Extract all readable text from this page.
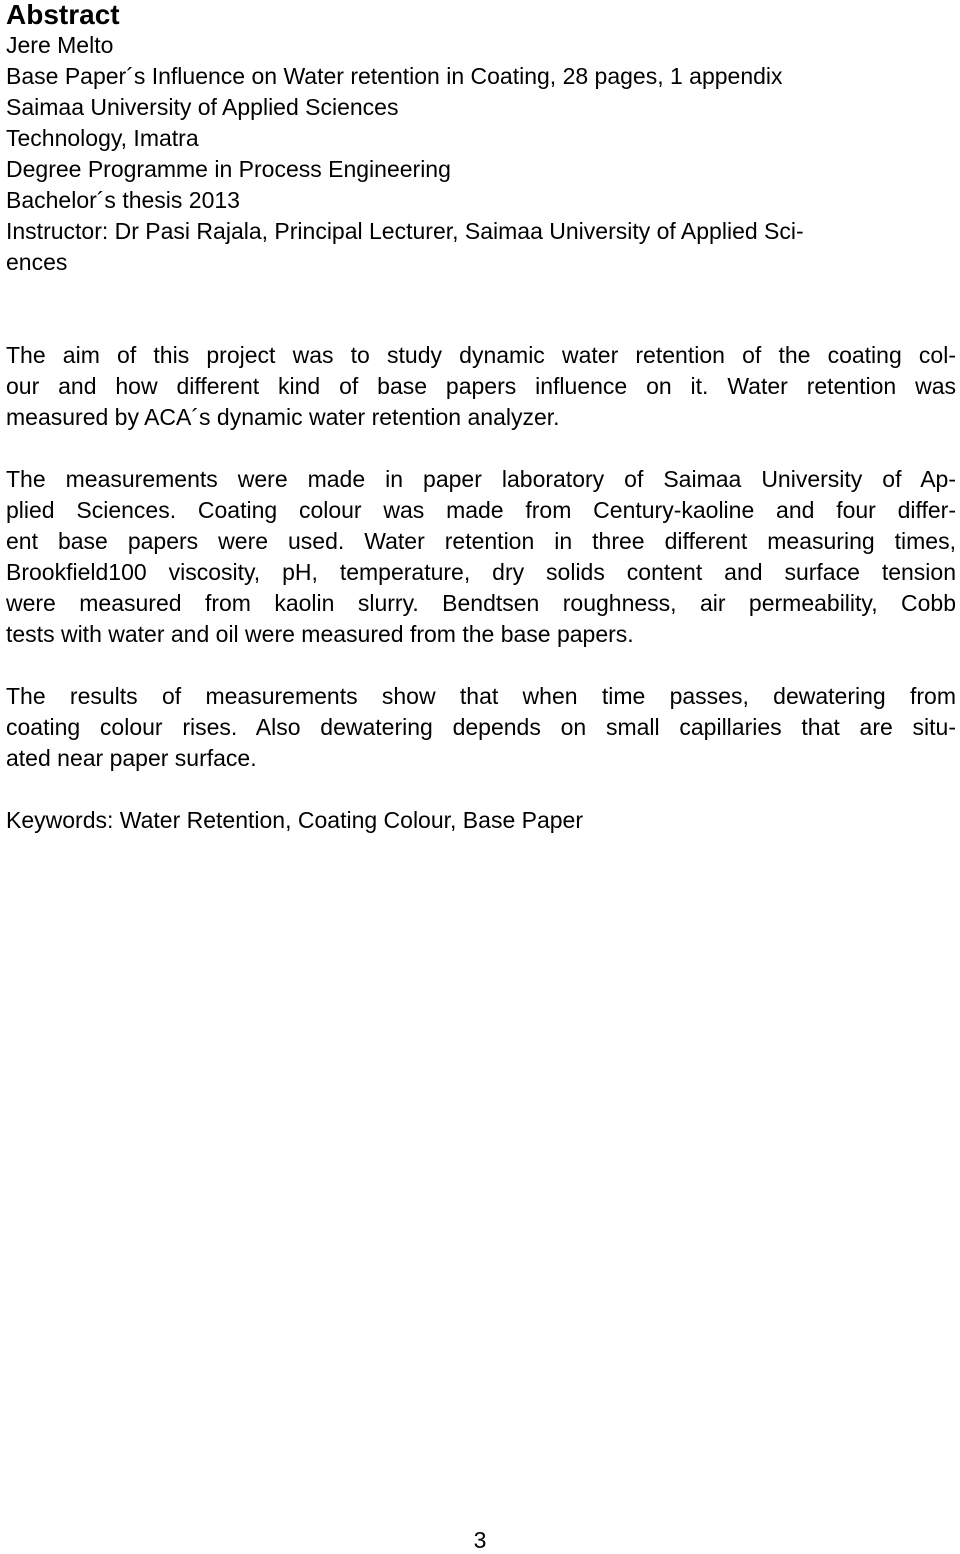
Abstract

Jere Melto

Base Paper´s Influence on Water retention in Coating, 28 pages, 1 appendix

Saimaa University of Applied Sciences

Technology, Imatra

Degree Programme in Process Engineering

Bachelor´s thesis 2013

Instructor: Dr Pasi Rajala, Principal Lecturer, Saimaa University of Applied Sci-

ences

The aim of this project was to study dynamic water retention of the coating col-
our and how different kind of base papers influence on it. Water retention was
measured by ACA´s dynamic water retention analyzer.
The measurements were made in paper laboratory of Saimaa University of Ap-
plied Sciences. Coating colour was made from Century-kaoline and four differ-
ent base papers were used. Water retention in three different measuring times,
Brookfield100 viscosity, pH, temperature, dry solids content and surface tension
were measured from kaolin slurry. Bendtsen roughness, air permeability, Cobb
tests with water and oil were measured from the base papers.
The results of measurements show that when time passes, dewatering from
coating colour rises. Also dewatering depends on small capillaries that are situ-
ated near paper surface.

Keywords: Water Retention, Coating Colour, Base Paper

3
